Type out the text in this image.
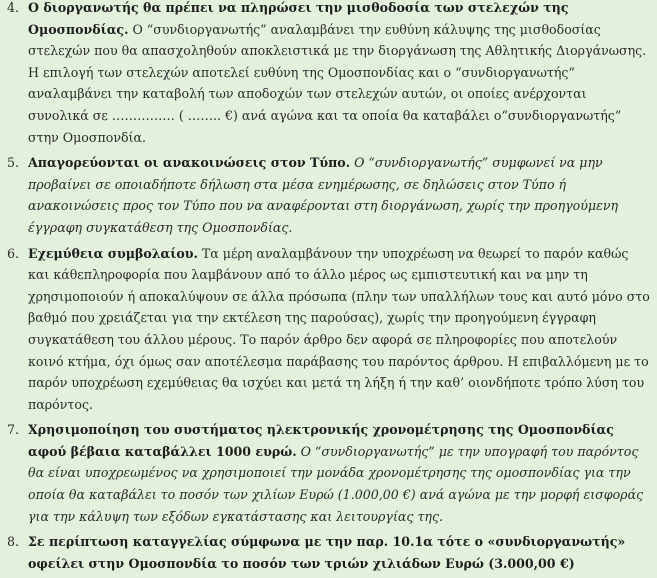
4. Ο διοργανωτής θα πρέπει να πληρώσει την μισθοδοσία των στελεχών της Ομοσπονδίας. Ο “συνδιοργανωτής” αναλαμβάνει την ευθύνη κάλυψης της μισθοδοσίας στελεχών που θα απασχοληθούν αποκλειστικά με την διοργάνωση της Αθλητικής Διοργάνωσης. Η επιλογή των στελεχών αποτελεί ευθύνη της Ομοσπονδίας και ο “συνδιοργανωτής” αναλαμβάνει την καταβολή των αποδοχών των στελεχών αυτών, οι οποίες ανέρχονται συνολικά σε …………… ( …….. €) ανά αγώνα και τα οποία θα καταβάλει ο“συνδιοργανωτής” στην Ομοσπονδία.
5. Απαγορεύονται οι ανακοινώσεις στον Τύπο. Ο “συνδιοργανωτής” συμφωνεί να μην προβαίνει σε οποιαδήποτε δήλωση στα μέσα ενημέρωσης, σε δηλώσεις στον Τύπο ή ανακοινώσεις προς τον Τύπο που να αναφέρονται στη διοργάνωση, χωρίς την προηγούμενη έγγραφη συγκατάθεση της Ομοσπονδίας.
6. Εχεμύθεια συμβολαίου. Τα μέρη αναλαμβάνουν την υποχρέωση να θεωρεί το παρόν καθώς και κάθεπληροφορία που λαμβάνουν από το άλλο μέρος ως εμπιστευτική και να μην τη χρησιμοποιούν ή αποκαλύψουν σε άλλα πρόσωπα (πλην των υπαλλήλων τους και αυτό μόνο στο βαθμό που χρειάζεται για την εκτέλεση της παρούσας), χωρίς την προηγούμενη έγγραφη συγκατάθεση του άλλου μέρους. Το παρόν άρθρο δεν αφορά σε πληροφορίες που αποτελούν κοινό κτήμα, όχι όμως σαν αποτέλεσμα παράβασης του παρόντος άρθρου. Η επιβαλλόμενη με το παρόν υποχρέωση εχεμύθειας θα ισχύει και μετά τη λήξη ή την καθ’ οιονδήποτε τρόπο λύση του παρόντος.
7. Χρησιμοποίηση του συστήματος ηλεκτρονικής χρονομέτρησης της Ομοσπονδίας αφού βέβαια καταβάλλει 1000 ευρώ. Ο “συνδιοργανωτής” με την υπογραφή του παρόντος θα είναι υποχρεωμένος να χρησιμοποιεί την μονάδα χρονομέτρησης της ομοσπονδίας για την οποία θα καταβάλει το ποσόν των χιλίων Ευρώ (1.000,00 €) ανά αγώνα με την μορφή εισφοράς για την κάλυψη των εξόδων εγκατάστασης και λειτουργίας της.
8. Σε περίπτωση καταγγελίας σύμφωνα με την παρ. 10.1α τότε ο «συνδιοργανωτής» οφείλει στην Ομοσπονδία το ποσόν των τριών χιλιάδων Ευρώ (3.000,00 €)
